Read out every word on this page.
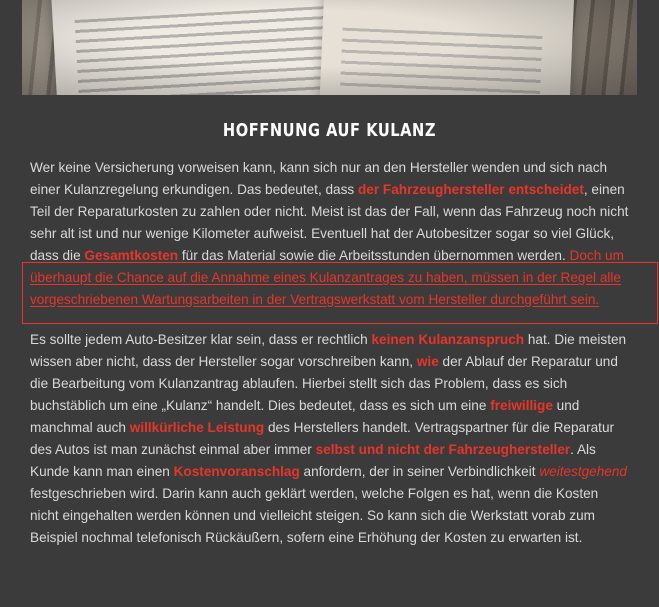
HOFFNUNG AUF KULANZ

Wer keine Versicherung vorweisen kann, kann sich nur an den Hersteller wenden und sich nach einer Kulanzregelung erkundigen. Das bedeutet, dass der Fahrzeughersteller entscheidet, einen Teil der Reparaturkosten zu zahlen oder nicht. Meist ist das der Fall, wenn das Fahrzeug noch nicht sehr alt ist und nur wenige Kilometer aufweist. Eventuell hat der Autobesitzer sogar so viel Glück, dass die Gesamtkosten für das Material sowie die Arbeitsstunden übernommen werden. Doch um überhaupt die Chance auf die Annahme eines Kulanzantrages zu haben, müssen in der Regel alle vorgeschriebenen Wartungsarbeiten in der Vertragswerkstatt vom Hersteller durchgeführt sein.

Es sollte jedem Auto-Besitzer klar sein, dass er rechtlich keinen Kulanzanspruch hat. Die meisten wissen aber nicht, dass der Hersteller sogar vorschreiben kann, wie der Ablauf der Reparatur und die Bearbeitung vom Kulanzantrag ablaufen. Hierbei stellt sich das Problem, dass es sich buchstäblich um eine „Kulanz“ handelt. Dies bedeutet, dass es sich um eine freiwillige und manchmal auch willkürliche Leistung des Herstellers handelt. Vertragspartner für die Reparatur des Autos ist man zunächst einmal aber immer selbst und nicht der Fahrzeughersteller. Als Kunde kann man einen Kostenvoranschlag anfordern, der in seiner Verbindlichkeit weitestgehend festgeschrieben wird. Darin kann auch geklärt werden, welche Folgen es hat, wenn die Kosten nicht eingehalten werden können und vielleicht steigen. So kann sich die Werkstatt vorab zum Beispiel nochmal telefonisch Rückäußern, sofern eine Erhöhung der Kosten zu erwarten ist.
